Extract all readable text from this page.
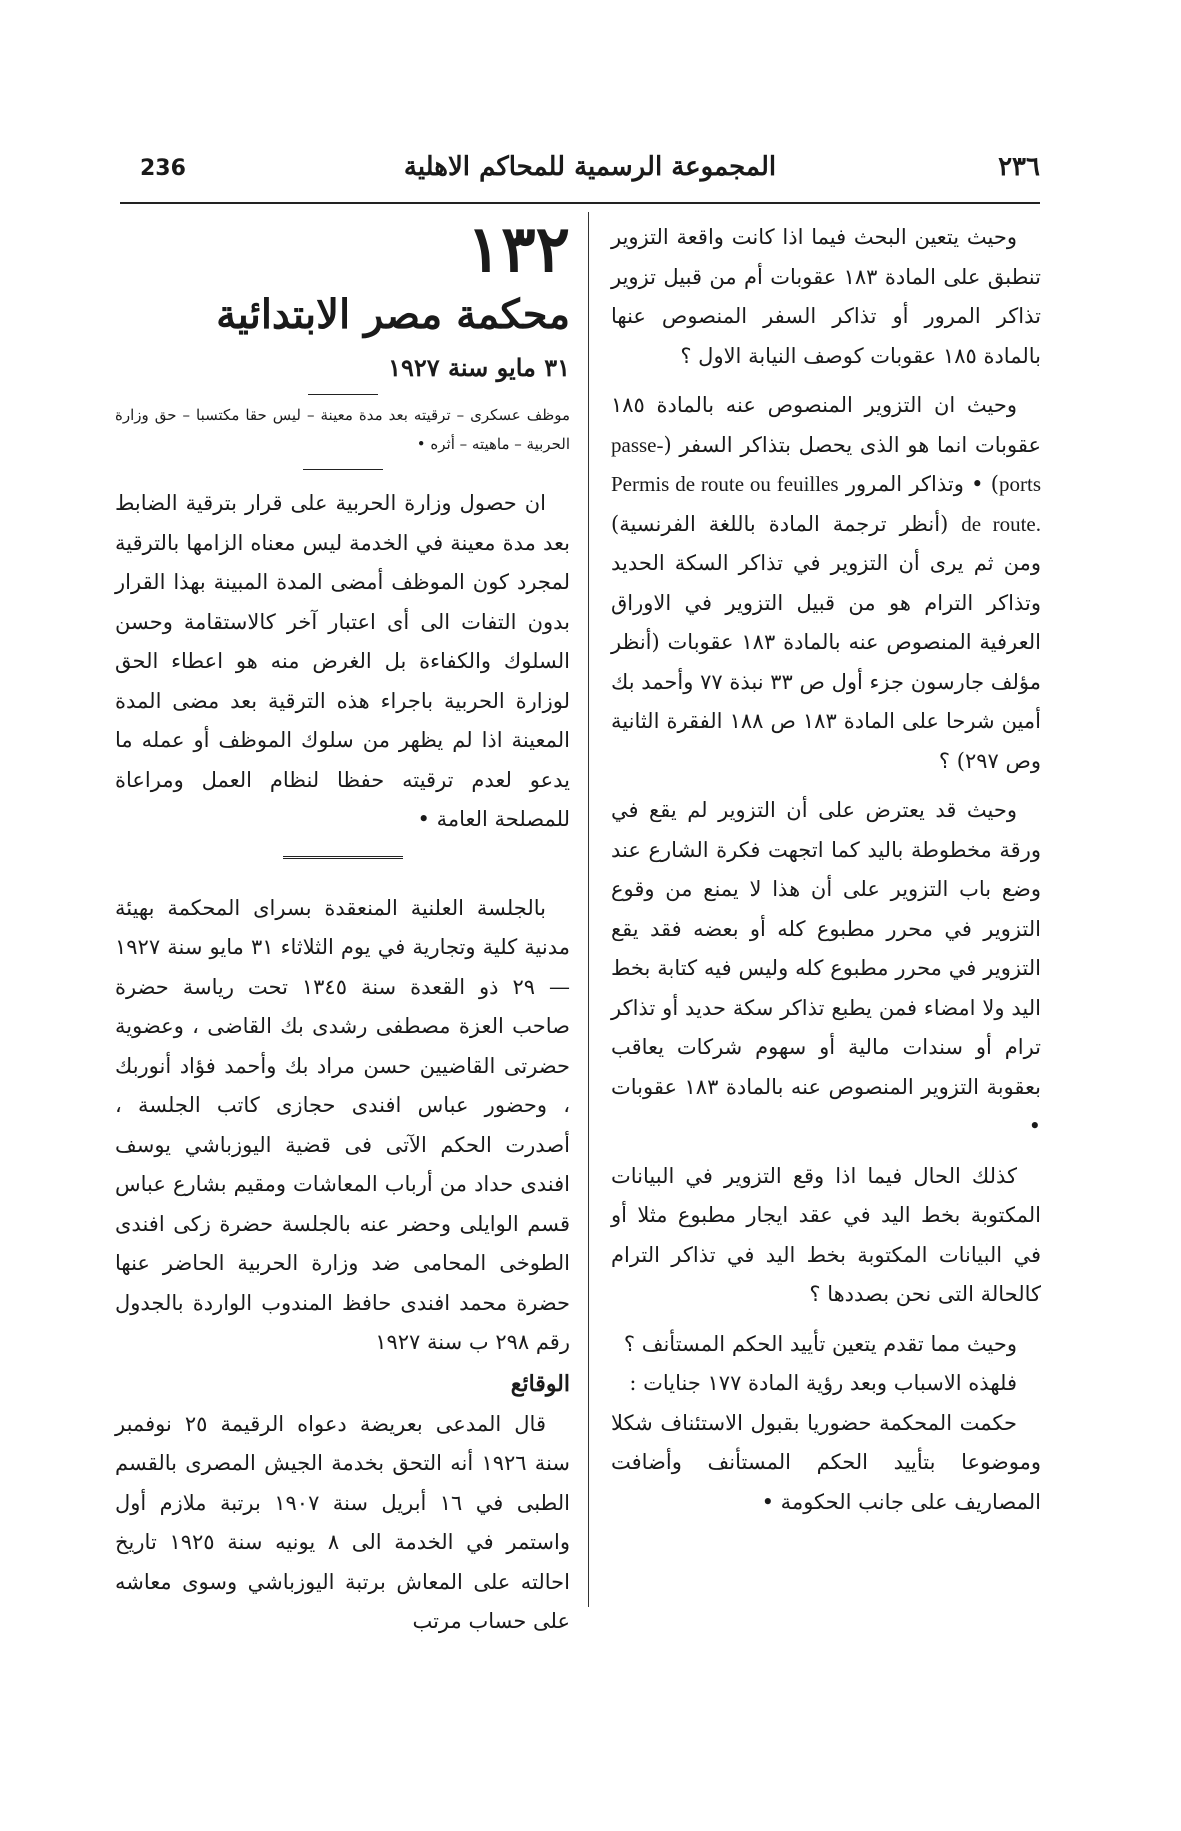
236	المجموعة الرسمية للمحاكم الاهلية	٢٣٦

وحيث يتعين البحث فيما اذا كانت واقعة التزوير تنطبق على المادة ١٨٣ عقوبات أم من قبيل تزوير تذاكر المرور أو تذاكر السفر المنصوص عنها بالمادة ١٨٥ عقوبات كوصف النيابة الاول ؟

وحيث ان التزوير المنصوص عنه بالمادة ١٨٥ عقوبات انما هو الذى يحصل بتذاكر السفر (passe-ports) • وتذاكر المرور Permis de route ou feuilles de route. (أنظر ترجمة المادة باللغة الفرنسية) ومن ثم يرى أن التزوير في تذاكر السكة الحديد وتذاكر الترام هو من قبيل التزوير في الاوراق العرفية المنصوص عنه بالمادة ١٨٣ عقوبات (أنظر مؤلف جارسون جزء أول ص ٣٣ نبذة ٧٧ وأحمد بك أمين شرحا على المادة ١٨٣ ص ١٨٨ الفقرة الثانية وص ٢٩٧) ؟

وحيث قد يعترض على أن التزوير لم يقع في ورقة مخطوطة باليد كما اتجهت فكرة الشارع عند وضع باب التزوير على أن هذا لا يمنع من وقوع التزوير في محرر مطبوع كله أو بعضه فقد يقع التزوير في محرر مطبوع كله وليس فيه كتابة بخط اليد ولا امضاء فمن يطبع تذاكر سكة حديد أو تذاكر ترام أو سندات مالية أو سهوم شركات يعاقب بعقوبة التزوير المنصوص عنه بالمادة ١٨٣ عقوبات •

كذلك الحال فيما اذا وقع التزوير في البيانات المكتوبة بخط اليد في عقد ايجار مطبوع مثلا أو في البيانات المكتوبة بخط اليد في تذاكر الترام كالحالة التى نحن بصددها ؟

وحيث مما تقدم يتعين تأييد الحكم المستأنف ؟

فلهذه الاسباب وبعد رؤية المادة ١٧٧ جنايات :

حكمت المحكمة حضوريا بقبول الاستئناف شكلا وموضوعا بتأييد الحكم المستأنف وأضافت المصاريف على جانب الحكومة •

١٣٢
محكمة مصر الابتدائية
٣١ مايو سنة ١٩٢٧
موظف عسكرى – ترقيته بعد مدة معينة – ليس حقا مكتسبا – حق وزارة الحربية – ماهيته – أثره •

ان حصول وزارة الحربية على قرار بترقية الضابط بعد مدة معينة في الخدمة ليس معناه الزامها بالترقية لمجرد كون الموظف أمضى المدة المبينة بهذا القرار بدون التفات الى أى اعتبار آخر كالاستقامة وحسن السلوك والكفاءة بل الغرض منه هو اعطاء الحق لوزارة الحربية باجراء هذه الترقية بعد مضى المدة المعينة اذا لم يظهر من سلوك الموظف أو عمله ما يدعو لعدم ترقيته حفظا لنظام العمل ومراعاة للمصلحة العامة •

بالجلسة العلنية المنعقدة بسراى المحكمة بهيئة مدنية كلية وتجارية في يوم الثلاثاء ٣١ مايو سنة ١٩٢٧ — ٢٩ ذو القعدة سنة ١٣٤٥ تحت رياسة حضرة صاحب العزة مصطفى رشدى بك القاضى ، وعضوية حضرتى القاضيين حسن مراد بك وأحمد فؤاد أنوربك ، وحضور عباس افندى حجازى كاتب الجلسة ، أصدرت الحكم الآتى فى قضية اليوزباشي يوسف افندى حداد من أرباب المعاشات ومقيم بشارع عباس قسم الوايلى وحضر عنه بالجلسة حضرة زكى افندى الطوخى المحامى ضد وزارة الحربية الحاضر عنها حضرة محمد افندى حافظ المندوب الواردة بالجدول رقم ٢٩٨ ب سنة ١٩٢٧

الوقائع

قال المدعى بعريضة دعواه الرقيمة ٢٥ نوفمبر سنة ١٩٢٦ أنه التحق بخدمة الجيش المصرى بالقسم الطبى في ١٦ أبريل سنة ١٩٠٧ برتبة ملازم أول واستمر في الخدمة الى ٨ يونيه سنة ١٩٢٥ تاريخ احالته على المعاش برتبة اليوزباشي وسوى معاشه على حساب مرتب
